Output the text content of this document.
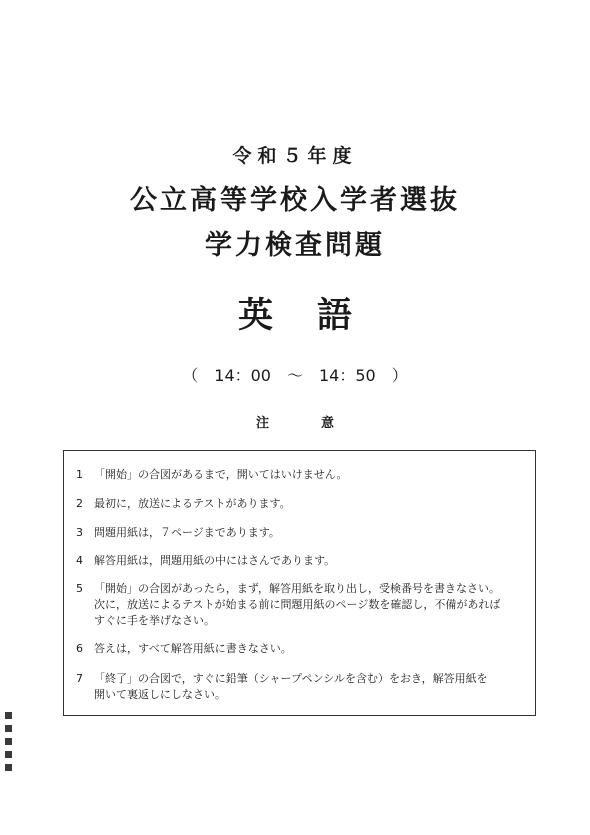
令和５年度
公立高等学校入学者選抜
学力検査問題
英語
（　14：00　～　14：50　）
注意
1	「開始」の合図があるまで，開いてはいけません。
2	最初に，放送によるテストがあります。
3	問題用紙は，７ページまであります。
4	解答用紙は，問題用紙の中にはさんであります。
5	「開始」の合図があったら，まず，解答用紙を取り出し，受検番号を書きなさい。
次に，放送によるテストが始まる前に問題用紙のページ数を確認し，不備があれば
すぐに手を挙げなさい。
6	答えは，すべて解答用紙に書きなさい。
7	「終了」の合図で，すぐに鉛筆（シャープペンシルを含む）をおき，解答用紙を
開いて裏返しにしなさい。
